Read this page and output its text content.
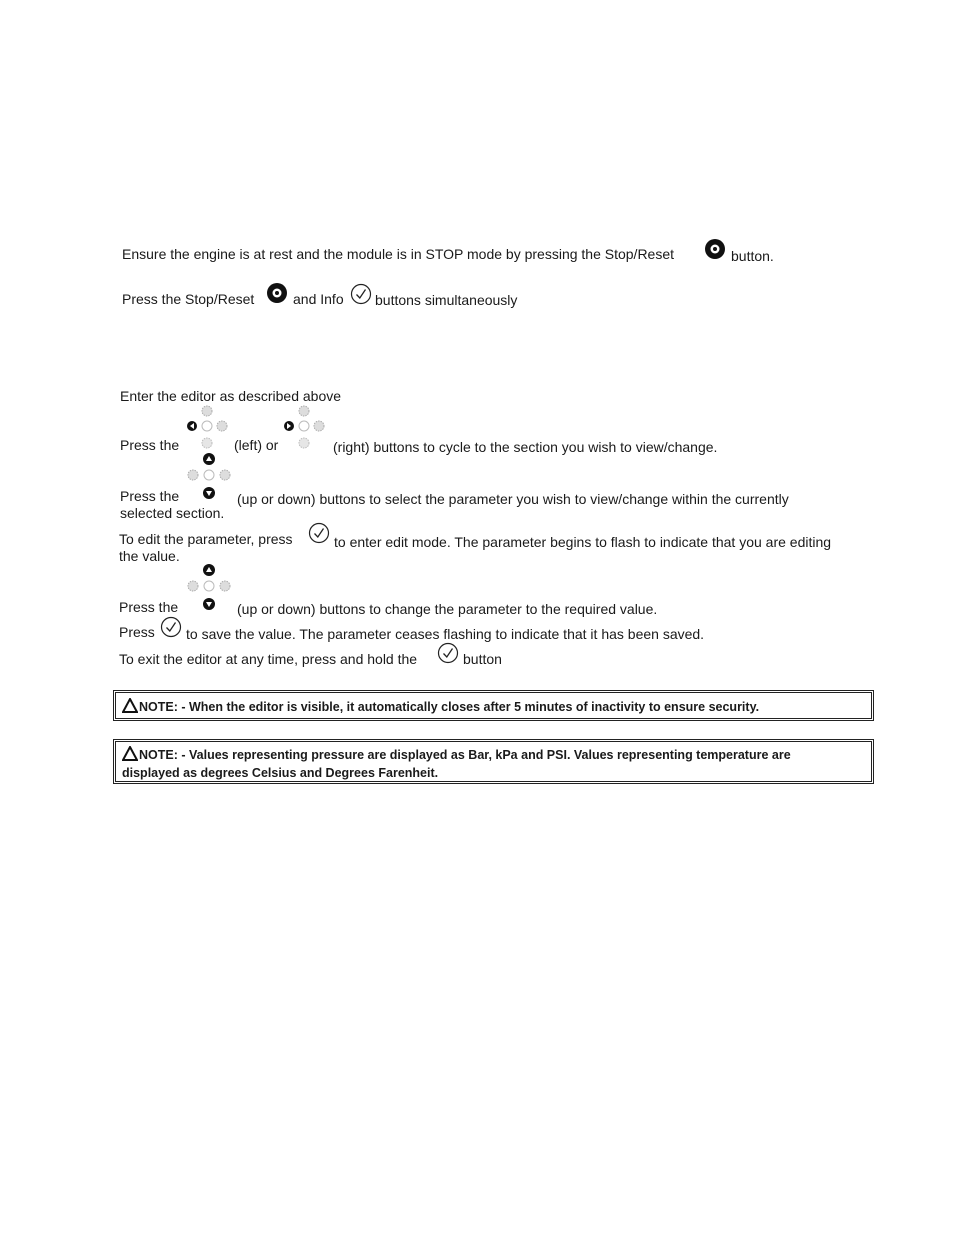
Ensure the engine is at rest and the module is in STOP mode by pressing the Stop/Reset	button.
Press the Stop/Reset	and Info buttons simultaneously
Enter the editor as described above
Press the	(left) or	(right) buttons to cycle to the section you wish to view/change.
Press the	(up or down) buttons to select the parameter you wish to view/change within the currently
selected section.
To edit the parameter, press	to enter edit mode. The parameter begins to flash to indicate that you are editing
the value.
Press the	(up or down) buttons to change the parameter to the required value.
Press to save the value. The parameter ceases flashing to indicate that it has been saved.
To exit the editor at any time, press and hold the	button
NOTE: - When the editor is visible, it automatically closes after 5 minutes of inactivity to ensure security.
NOTE: - Values representing pressure are displayed as Bar, kPa and PSI. Values representing temperature are
displayed as degrees Celsius and Degrees Farenheit.
